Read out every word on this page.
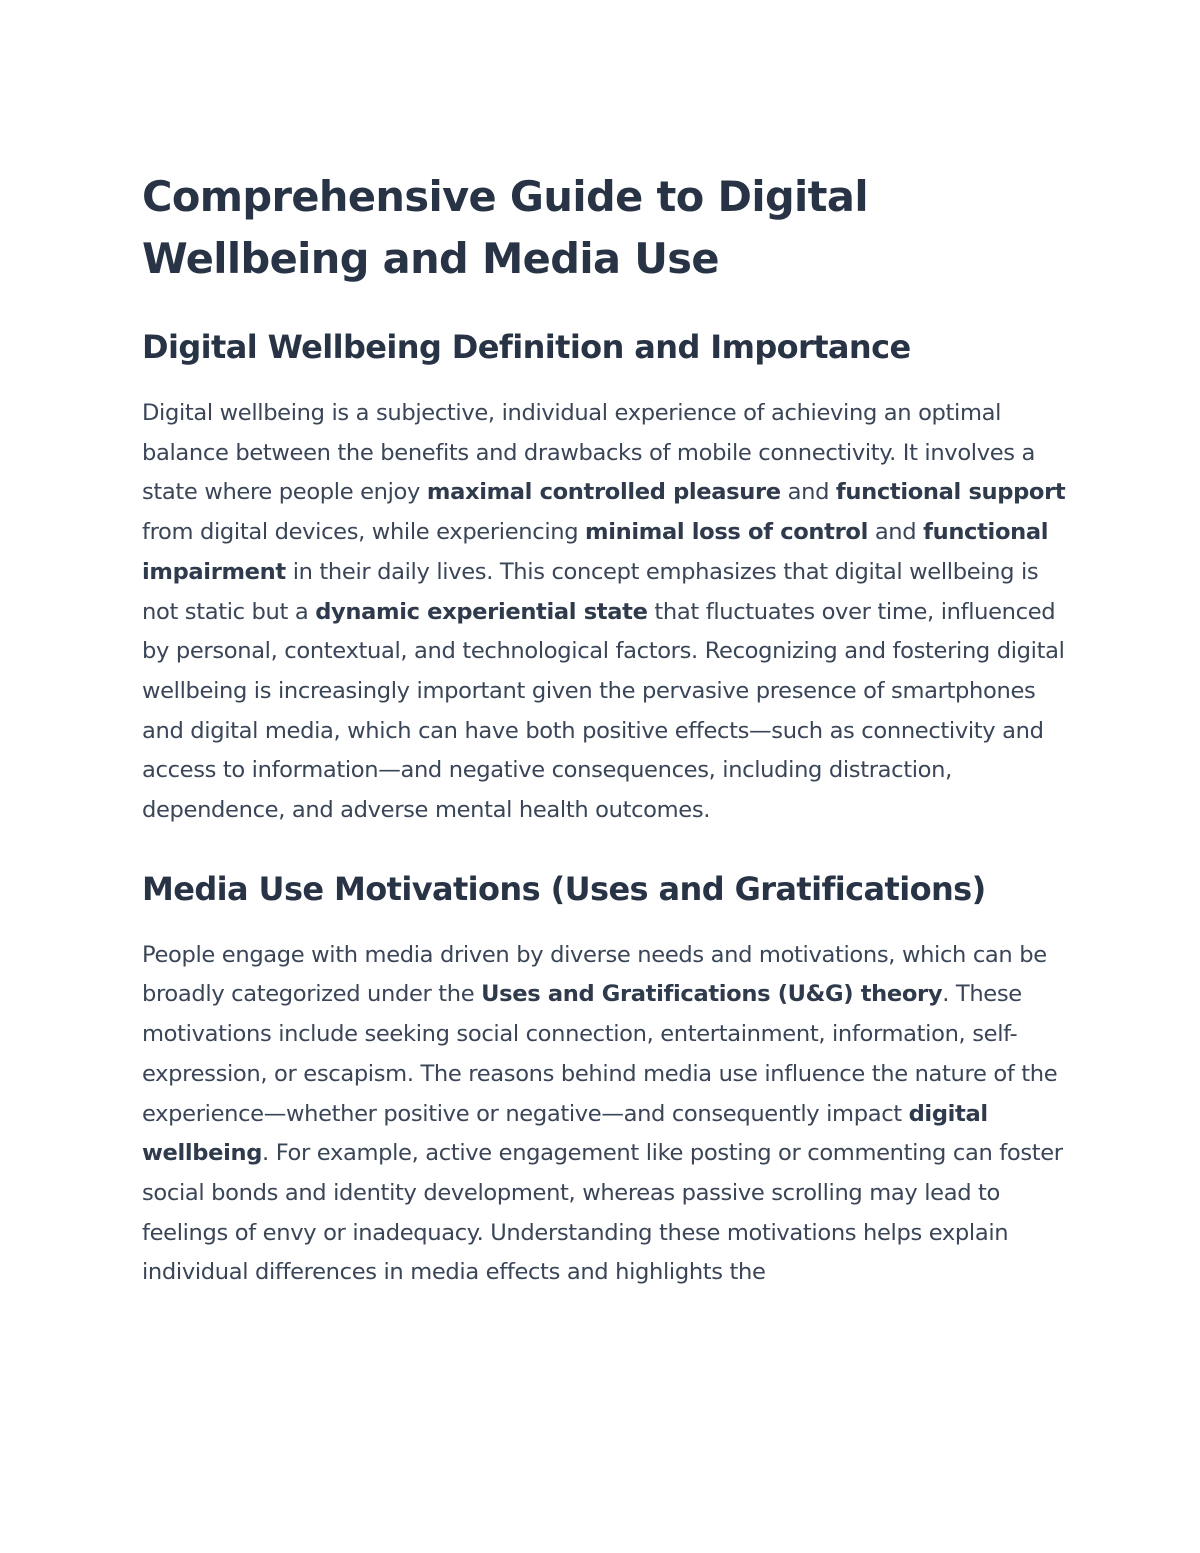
Comprehensive Guide to Digital Wellbeing and Media Use
Digital Wellbeing Definition and Importance

Digital wellbeing is a subjective, individual experience of achieving an optimal balance between the benefits and drawbacks of mobile connectivity. It involves a state where people enjoy maximal controlled pleasure and functional support from digital devices, while experiencing minimal loss of control and functional impairment in their daily lives. This concept emphasizes that digital wellbeing is not static but a dynamic experiential state that fluctuates over time, influenced by personal, contextual, and technological factors. Recognizing and fostering digital wellbeing is increasingly important given the pervasive presence of smartphones and digital media, which can have both positive effects—such as connectivity and access to information—and negative consequences, including distraction, dependence, and adverse mental health outcomes.

Media Use Motivations (Uses and Gratifications)

People engage with media driven by diverse needs and motivations, which can be broadly categorized under the Uses and Gratifications (U&G) theory. These motivations include seeking social connection, entertainment, information, self-expression, or escapism. The reasons behind media use influence the nature of the experience—whether positive or negative—and consequently impact digital wellbeing. For example, active engagement like posting or commenting can foster social bonds and identity development, whereas passive scrolling may lead to feelings of envy or inadequacy. Understanding these motivations helps explain individual differences in media effects and highlights the
